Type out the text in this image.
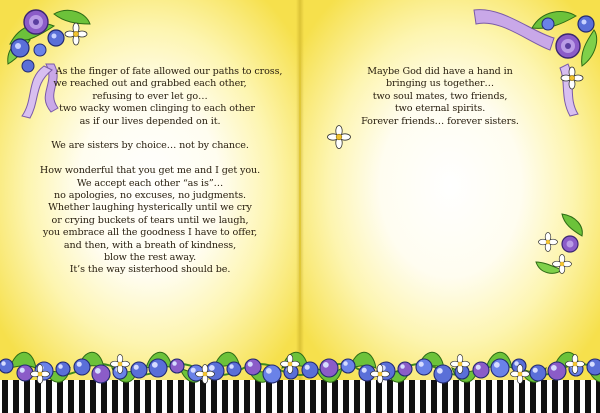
As the finger of fate allowed our paths to cross,
we reached out and grabbed each other,
refusing to ever let go…
two wacky women clinging to each other
as if our lives depended on it.
We are sisters by choice… not by chance.
How wonderful that you get me and I get you.
We accept each other “as is”…
no apologies, no excuses, no judgments.
Whether laughing hysterically until we cry
or crying buckets of tears until we laugh,
you embrace all the goodness I have to offer,
and then, with a breath of kindness,
blow the rest away.
It’s the way sisterhood should be.
Maybe God did have a hand in
bringing us together…
two soul mates, two friends,
two eternal spirits.
Forever friends… forever sisters.
